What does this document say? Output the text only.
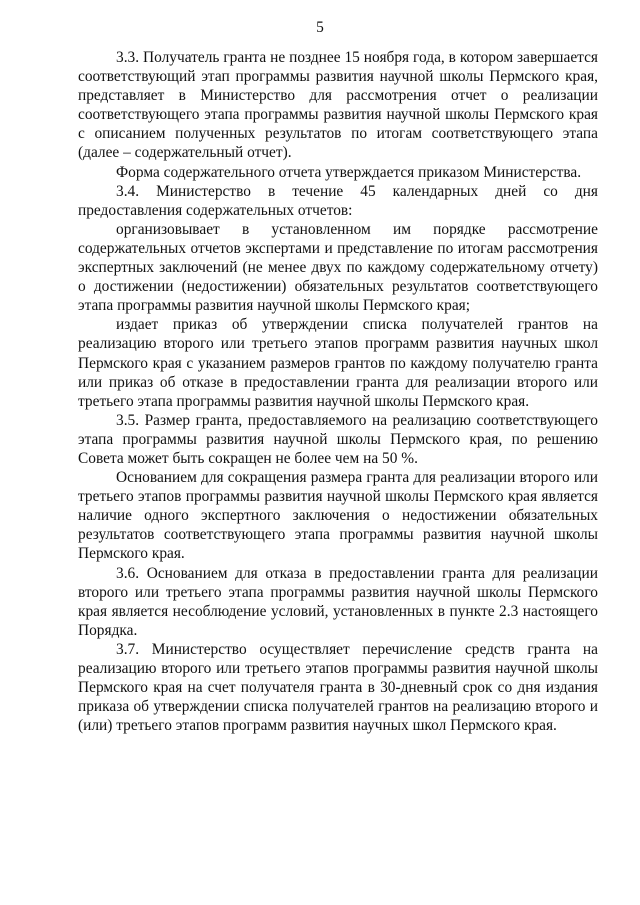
5

3.3. Получатель гранта не позднее 15 ноября года, в котором завершается соответствующий этап программы развития научной школы Пермского края, представляет в Министерство для рассмотрения отчет о реализации соответствующего этапа программы развития научной школы Пермского края с описанием полученных результатов по итогам соответствующего этапа (далее – содержательный отчет).

Форма содержательного отчета утверждается приказом Министерства.

3.4. Министерство в течение 45 календарных дней со дня предоставления содержательных отчетов:

организовывает в установленном им порядке рассмотрение содержательных отчетов экспертами и представление по итогам рассмотрения экспертных заключений (не менее двух по каждому содержательному отчету) о достижении (недостижении) обязательных результатов соответствующего этапа программы развития научной школы Пермского края;

издает приказ об утверждении списка получателей грантов на реализацию второго или третьего этапов программ развития научных школ Пермского края с указанием размеров грантов по каждому получателю гранта или приказ об отказе в предоставлении гранта для реализации второго или третьего этапа программы развития научной школы Пермского края.

3.5. Размер гранта, предоставляемого на реализацию соответствующего этапа программы развития научной школы Пермского края, по решению Совета может быть сокращен не более чем на 50 %.

Основанием для сокращения размера гранта для реализации второго или третьего этапов программы развития научной школы Пермского края является наличие одного экспертного заключения о недостижении обязательных результатов соответствующего этапа программы развития научной школы Пермского края.

3.6. Основанием для отказа в предоставлении гранта для реализации второго или третьего этапа программы развития научной школы Пермского края является несоблюдение условий, установленных в пункте 2.3 настоящего Порядка.

3.7. Министерство осуществляет перечисление средств гранта на реализацию второго или третьего этапов программы развития научной школы Пермского края на счет получателя гранта в 30-дневный срок со дня издания приказа об утверждении списка получателей грантов на реализацию второго и (или) третьего этапов программ развития научных школ Пермского края.
